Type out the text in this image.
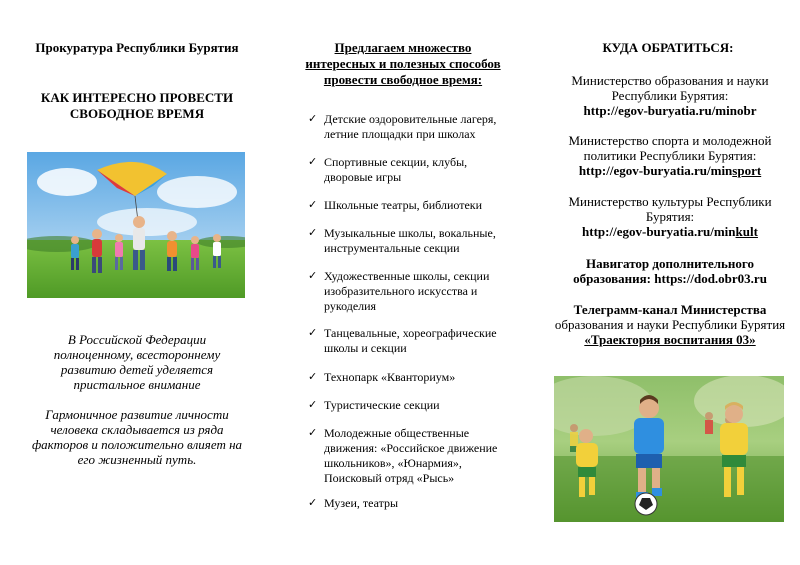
Прокуратура Республики Бурятия
КАК ИНТЕРЕСНО ПРОВЕСТИ
СВОБОДНОЕ ВРЕМЯ
В Российской Федерации полноценному, всестороннему развитию детей уделяется пристальное внимание
Гармоничное развитие личности человека складывается из ряда факторов и положительно влияет на его жизненный путь.
Предлагаем множество
интересных и полезных способов
провести свободное время:
✓ Детские оздоровительные лагеря, летние площадки при школах
✓ Спортивные секции, клубы, дворовые игры
✓ Школьные театры, библиотеки
✓ Музыкальные школы, вокальные, инструментальные секции
✓ Художественные школы, секции изобразительного искусства и рукоделия
✓ Танцевальные, хореографические школы и секции
✓ Технопарк «Кванториум»
✓ Туристические секции
✓ Молодежные общественные движения: «Российское движение школьников», «Юнармия», Поисковый отряд «Рысь»
✓ Музеи, театры
КУДА ОБРАТИТЬСЯ:
Министерство образования и науки Республики Бурятия:
http://egov-buryatia.ru/minobr
Министерство спорта и молодежной политики Республики Бурятия:
http://egov-buryatia.ru/minsport
Министерство культуры Республики Бурятия:
http://egov-buryatia.ru/minkult
Навигатор дополнительного
образования: https://dod.obr03.ru
Телеграмм-канал Министерства
образования и науки Республики Бурятия
«Траектория воспитания 03»
